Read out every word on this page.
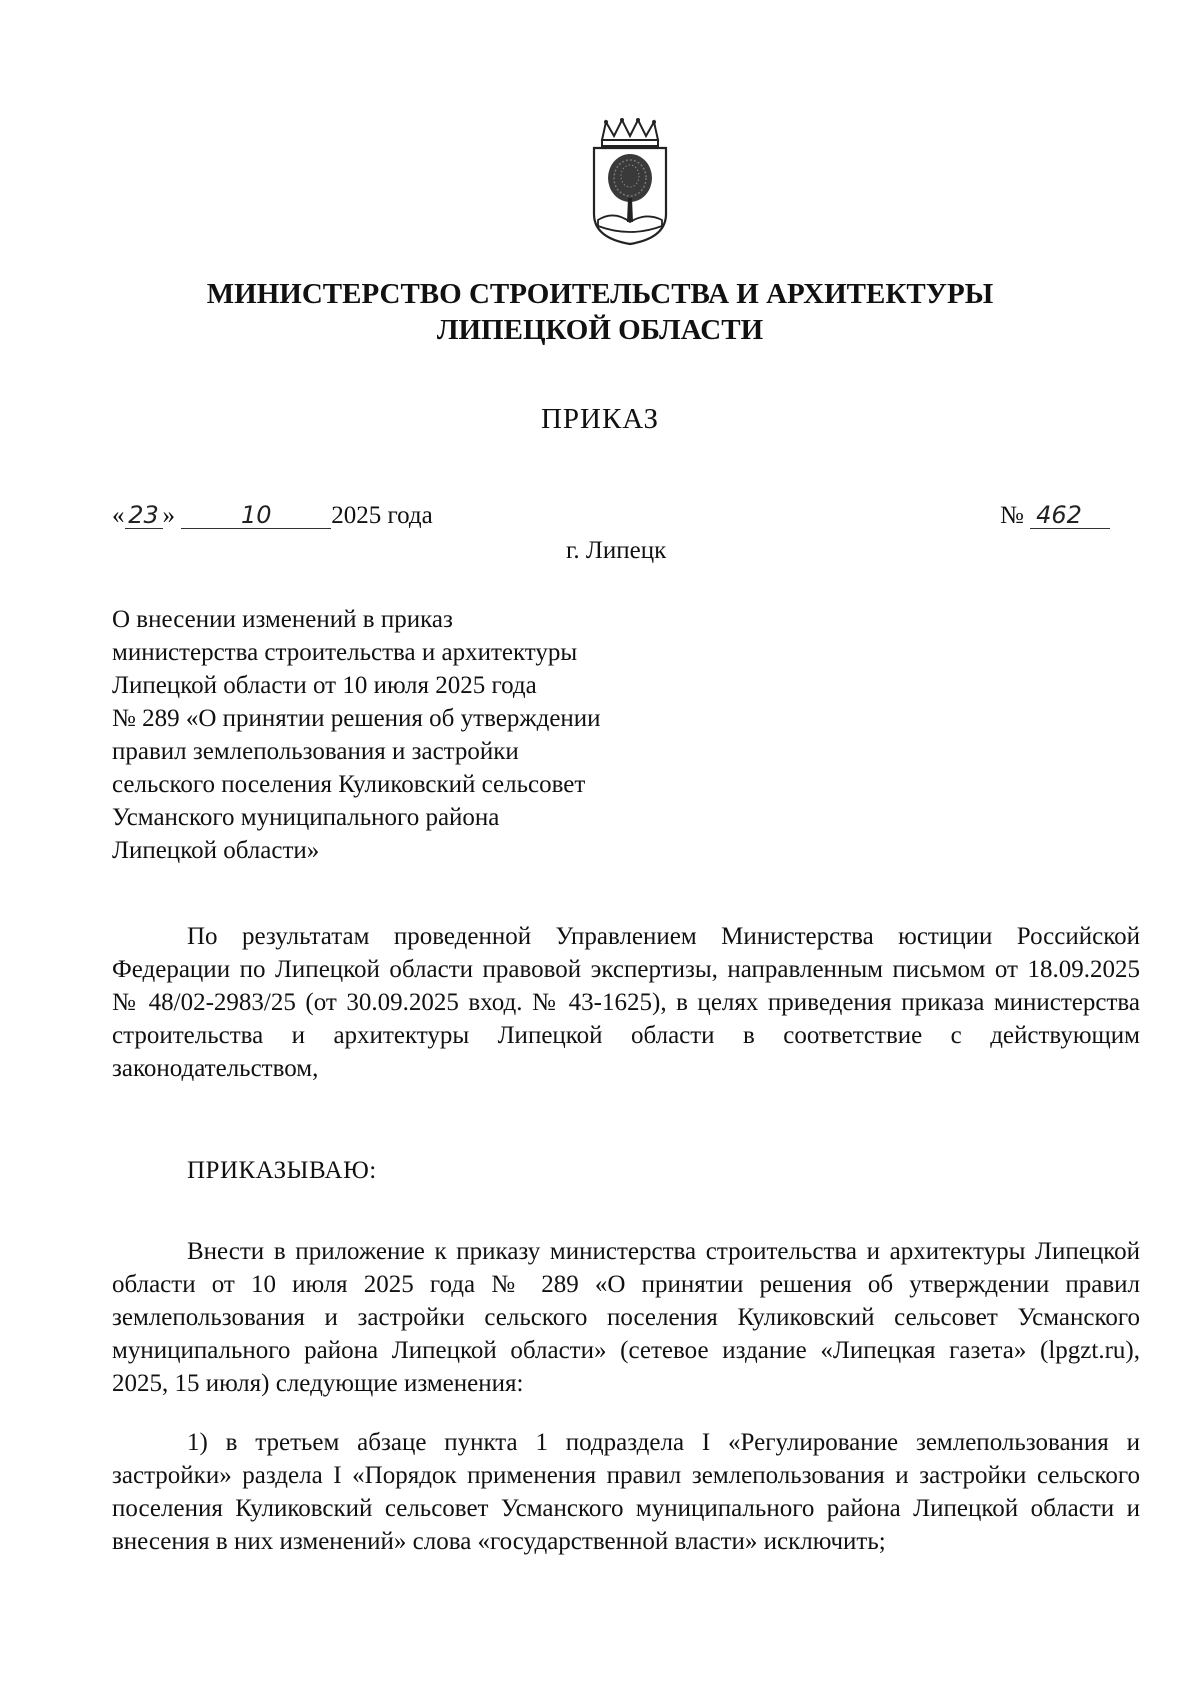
МИНИСТЕРСТВО СТРОИТЕЛЬСТВА И АРХИТЕКТУРЫ
ЛИПЕЦКОЙ ОБЛАСТИ
ПРИКАЗ
« 23 »	10 2025 года	№ 462
г. Липецк
О внесении изменений в приказ
министерства строительства и архитектуры
Липецкой области от 10 июля 2025 года
№ 289 «О принятии решения об утверждении
правил землепользования и застройки
сельского поселения Куликовский сельсовет
Усманского муниципального района
Липецкой области»
По результатам проведенной Управлением Министерства юстиции Российской Федерации по Липецкой области правовой экспертизы, направленным письмом от 18.09.2025 № 48/02-2983/25 (от 30.09.2025 вход. № 43-1625), в целях приведения приказа министерства строительства и архитектуры Липецкой области в соответствие с действующим законодательством,
ПРИКАЗЫВАЮ:
Внести в приложение к приказу министерства строительства и архитектуры Липецкой области от 10 июля 2025 года № 289 «О принятии решения об утверждении правил землепользования и застройки сельского поселения Куликовский сельсовет Усманского муниципального района Липецкой области» (сетевое издание «Липецкая газета» (lpgzt.ru), 2025, 15 июля) следующие изменения:
1) в третьем абзаце пункта 1 подраздела I «Регулирование землепользования и застройки» раздела I «Порядок применения правил землепользования и застройки сельского поселения Куликовский сельсовет Усманского муниципального района Липецкой области и внесения в них изменений» слова «государственной власти» исключить;
